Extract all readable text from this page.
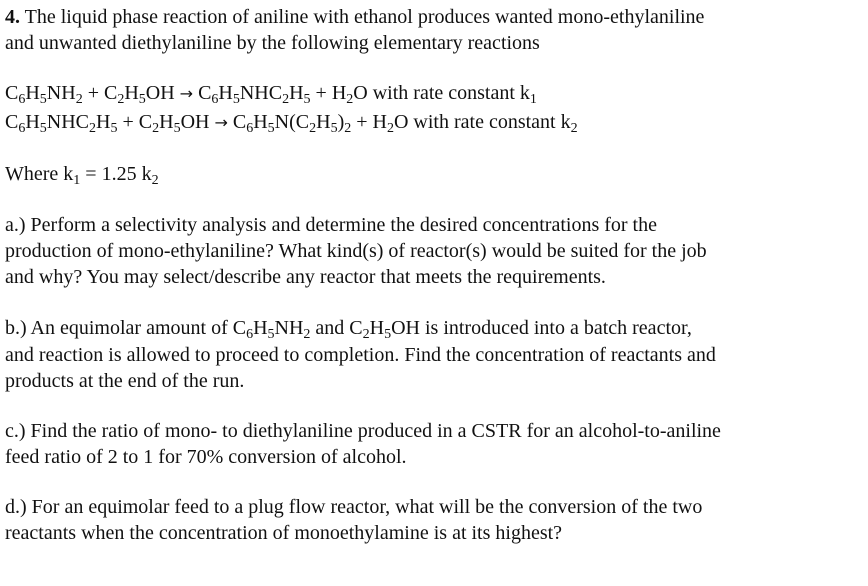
4. The liquid phase reaction of aniline with ethanol produces wanted mono-ethylaniline
and unwanted diethylaniline by the following elementary reactions
$C_6H_5NH_2 + C_2H_5OH \to C_6H_5NHC_2H_5 + H_2O$ with rate constant $k_1$
$C_6H_5NHC_2H_5 + C_2H_5OH \to C_6H_5N(C_2H_5)_2 + H_2O$ with rate constant $k_2$
Where $k_1 = 1.25$ $k_2$
a.) Perform a selectivity analysis and determine the desired concentrations for the
production of mono-ethylaniline? What kind(s) of reactor(s) would be suited for the job
and why? You may select/describe any reactor that meets the requirements.
b.) An equimolar amount of $C_6H_5NH_2$ and $C_2H_5OH$ is introduced into a batch reactor,
and reaction is allowed to proceed to completion. Find the concentration of reactants and
products at the end of the run.
c.) Find the ratio of mono- to diethylaniline produced in a CSTR for an alcohol-to-aniline
feed ratio of 2 to 1 for 70% conversion of alcohol.
d.) For an equimolar feed to a plug flow reactor, what will be the conversion of the two
reactants when the concentration of monoethylamine is at its highest?
